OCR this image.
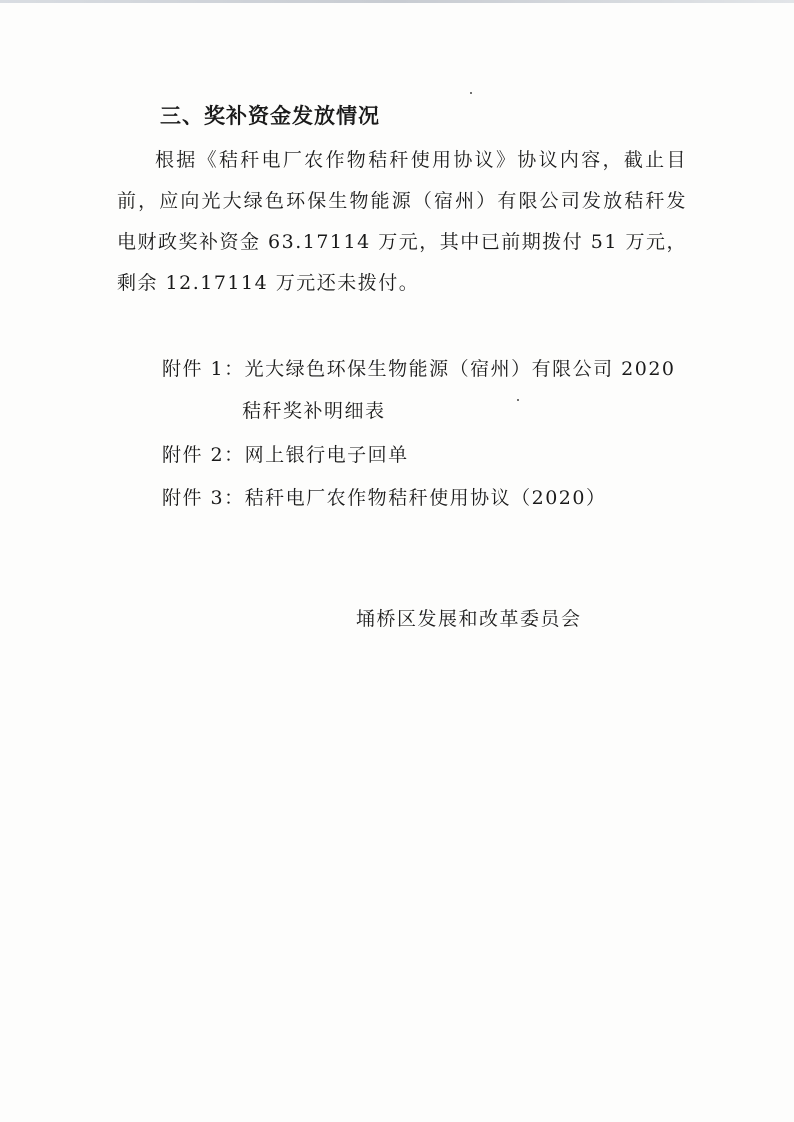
三、奖补资金发放情况
根据《秸秆电厂农作物秸秆使用协议》协议内容，截止目前，应向光大绿色环保生物能源（宿州）有限公司发放秸秆发电财政奖补资金 63.17114 万元，其中已前期拨付 51 万元，剩余 12.17114 万元还未拨付。
附件 1：光大绿色环保生物能源（宿州）有限公司 2020
秸秆奖补明细表
附件 2：网上银行电子回单
附件 3：秸秆电厂农作物秸秆使用协议（2020）
埇桥区发展和改革委员会
